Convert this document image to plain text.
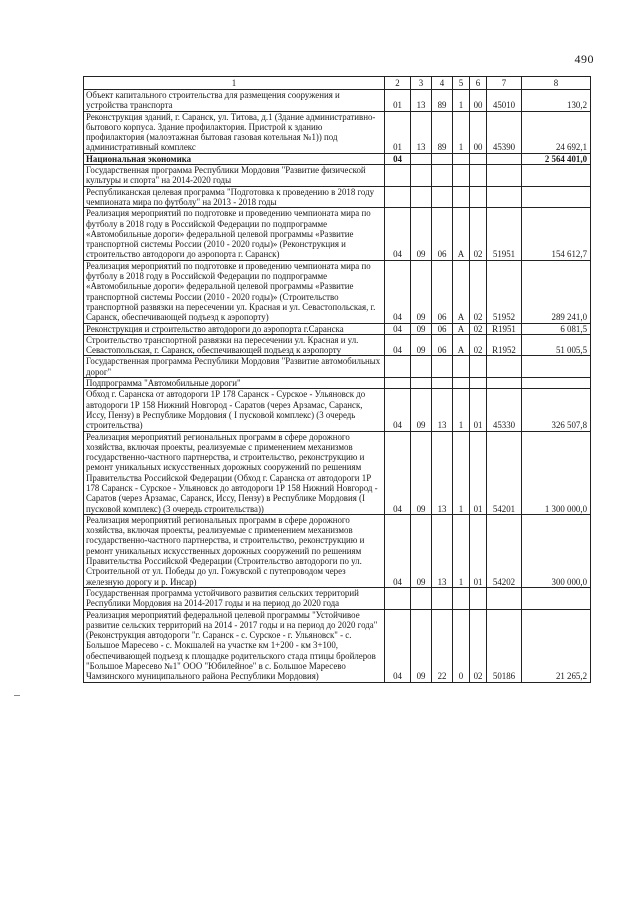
490
1	2	3	4	5	6	7	8
Объект капитального строительства для размещения сооружения и устройства транспорта	01	13	89	1	00	45010	130,2
Реконструкция зданий, г. Саранск, ул. Титова, д.1 (Здание административно-бытового корпуса. Здание профилактория. Пристрой к зданию профилактория (малоэтажная бытовая газовая котельная №1)) под административный комплекс	01	13	89	1	00	45390	24 692,1
Национальная экономика	04						2 564 401,0
Государственная программа Республики Мордовия "Развитие физической культуры и спорта" на 2014-2020 годы							
Республиканская целевая программа "Подготовка к проведению в 2018 году чемпионата мира по футболу" на 2013 - 2018 годы							
Реализация мероприятий по подготовке и проведению чемпионата мира по футболу в 2018 году в Российской Федерации по подпрограмме «Автомобильные дороги» федеральной целевой программы «Развитие транспортной системы России (2010 - 2020 годы)» (Реконструкция и строительство автодороги до аэропорта г. Саранск)	04	09	06	А	02	51951	154 612,7
Реализация мероприятий по подготовке и проведению чемпионата мира по футболу в 2018 году в Российской Федерации по подпрограмме «Автомобильные дороги» федеральной целевой программы «Развитие транспортной системы России (2010 - 2020 годы)» (Строительство транспортной развязки на пересечении ул. Красная и ул. Севастопольская, г. Саранск, обеспечивающей подъезд к аэропорту)	04	09	06	А	02	51952	289 241,0
Реконструкция и строительство автодороги до аэропорта г.Саранска	04	09	06	А	02	R1951	6 081,5
Строительство транспортной развязки на пересечении ул. Красная и ул. Севастопольская, г. Саранск, обеспечивающей подъезд к аэропорту	04	09	06	А	02	R1952	51 005,5
Государственная программа Республики Мордовия "Развитие автомобильных дорог"							
Подпрограмма "Автомобильные дороги"							
Обход г. Саранска от автодороги 1Р 178 Саранск - Сурское - Ульяновск до автодороги 1Р 158 Нижний Новгород - Саратов (через Арзамас, Саранск, Иссу, Пензу) в Республике Мордовия ( I пусковой комплекс) (3 очередь строительства)	04	09	13	1	01	45330	326 507,8
Реализация мероприятий региональных программ в сфере дорожного хозяйства, включая проекты, реализуемые с применением механизмов государственно-частного партнерства, и строительство, реконструкцию и ремонт уникальных искусственных дорожных сооружений по решениям Правительства Российской Федерации (Обход г. Саранска от автодороги 1Р 178 Саранск - Сурское - Ульяновск до автодороги 1Р 158 Нижний Новгород - Саратов (через Арзамас, Саранск, Иссу, Пензу) в Республике Мордовия (I пусковой комплекс) (3 очередь строительства))	04	09	13	1	01	54201	1 300 000,0
Реализация мероприятий региональных программ в сфере дорожного хозяйства, включая проекты, реализуемые с применением механизмов государственно-частного партнерства, и строительство, реконструкцию и ремонт уникальных искусственных дорожных сооружений по решениям Правительства Российской Федерации (Строительство автодороги по ул. Строительной от ул. Победы до ул. Гожувской с путепроводом через железную дорогу и р. Инсар)	04	09	13	1	01	54202	300 000,0
Государственная программа устойчивого развития сельских территорий Республики Мордовия на 2014-2017 годы и на период до 2020 года							
Реализация мероприятий федеральной целевой программы "Устойчивое развитие сельских территорий на 2014 - 2017 годы и на период до 2020 года" (Реконструкция автодороги "г. Саранск - с. Сурское - г. Ульяновск" - с. Большое Маресево - с. Мокшалей на участке км 1+200 - км 3+100, обеспечивающей подъезд к площадке родительского стада птицы бройлеров "Большое Маресево №1" ООО "Юбилейное" в с. Большое Маресево Чамзинского муниципального района Республики Мордовия)	04	09	22	0	02	50186	21 265,2
